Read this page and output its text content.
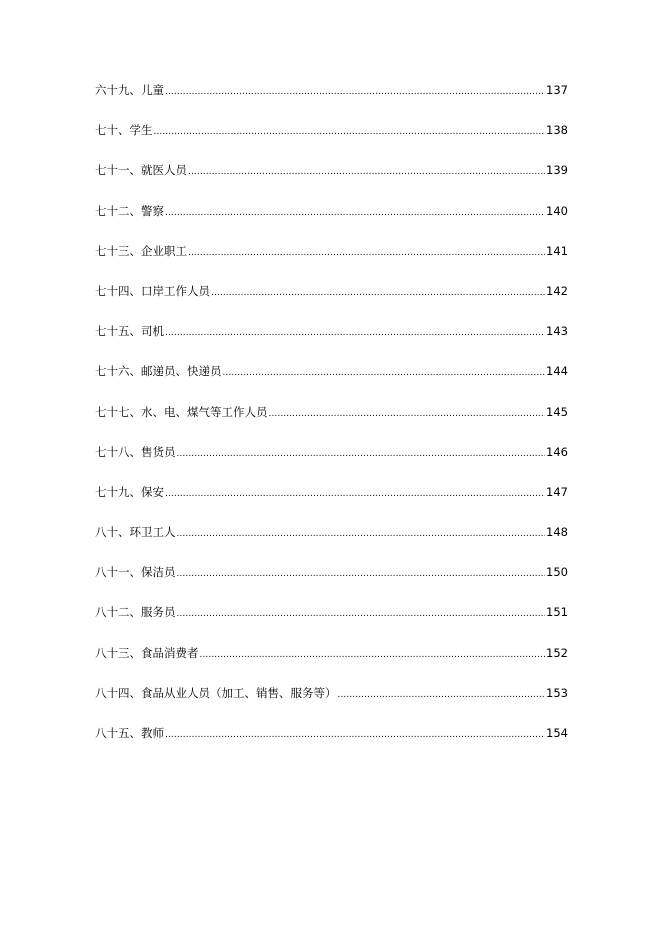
六十九、儿童 .....	137
七十、学生 .....	138
七十一、就医人员 .....	139
七十二、警察 .....	140
七十三、企业职工 .....	141
七十四、口岸工作人员 .....	142
七十五、司机 .....	143
七十六、邮递员、快递员 .....	144
七十七、水、电、煤气等工作人员 .....	145
七十八、售货员 .....	146
七十九、保安 .....	147
八十、环卫工人 .....	148
八十一、保洁员 .....	150
八十二、服务员 .....	151
八十三、食品消费者 .....	152
八十四、食品从业人员（加工、销售、服务等） .....	153
八十五、教师 .....	154
